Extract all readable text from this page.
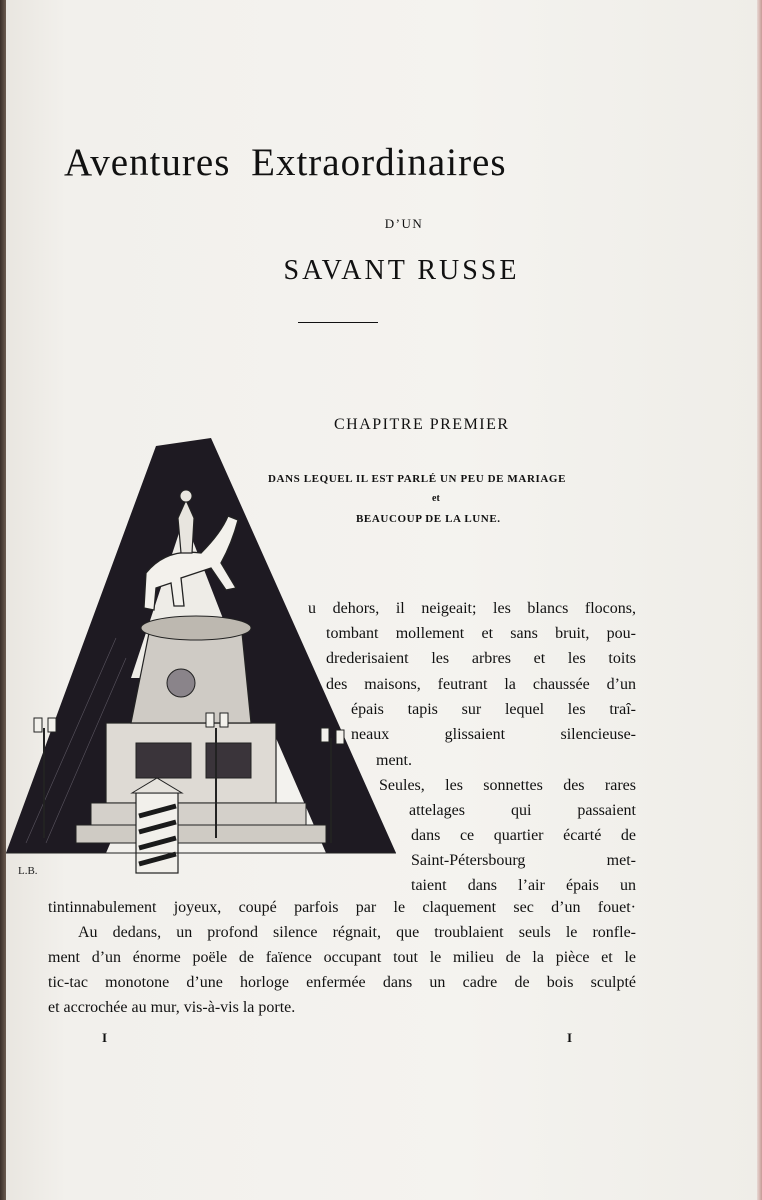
Aventures Extraordinaires
D’UN
SAVANT RUSSE
CHAPITRE PREMIER
DANS LEQUEL IL EST PARLÉ UN PEU DE MARIAGE
et
BEAUCOUP DE LA LUNE.
L.B.
u dehors, il neigeait; les blancs flocons,
tombant mollement et sans bruit, pou-
drederisaient les arbres et les toits
des maisons, feutrant la chaussée d’un
épais tapis sur lequel les traî-
neaux glissaient silencieuse-
ment.
Seules, les sonnettes des rares
attelages qui passaient
dans ce quartier écarté de
Saint-Pétersbourg met-
taient dans l’air épais un
tintinnabulement joyeux, coupé parfois par le claquement sec d’un fouet·
Au dedans, un profond silence régnait, que troublaient seuls le ronfle-
ment d’un énorme poële de faïence occupant tout le milieu de la pièce et le
tic-tac monotone d’une horloge enfermée dans un cadre de bois sculpté
et accrochée au mur, vis-à-vis la porte.
I	I
